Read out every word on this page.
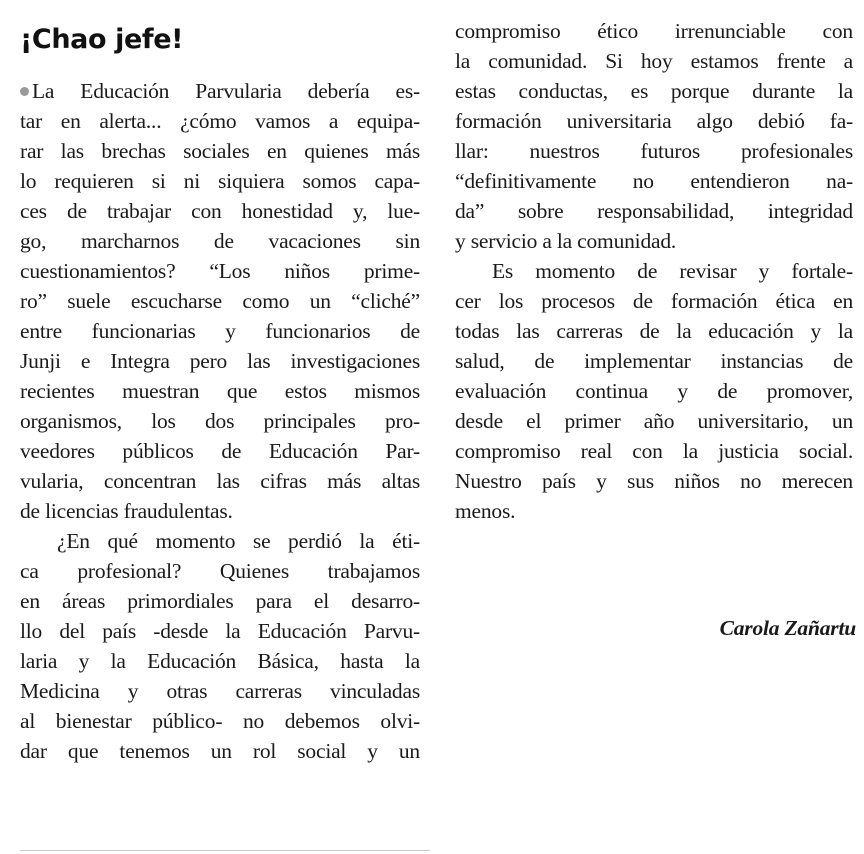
¡Chao jefe!
La Educación Parvularia debería es-
tar en alerta... ¿cómo vamos a equipa-
rar las brechas sociales en quienes más
lo requieren si ni siquiera somos capa-
ces de trabajar con honestidad y, lue-
go, marcharnos de vacaciones sin
cuestionamientos? “Los niños prime-
ro” suele escucharse como un “cliché”
entre funcionarias y funcionarios de
Junji e Integra pero las investigaciones
recientes muestran que estos mismos
organismos, los dos principales pro-
veedores públicos de Educación Par-
vularia, concentran las cifras más altas
de licencias fraudulentas.
¿En qué momento se perdió la éti-
ca profesional? Quienes trabajamos
en áreas primordiales para el desarro-
llo del país -desde la Educación Parvu-
laria y la Educación Básica, hasta la
Medicina y otras carreras vinculadas
al bienestar público- no debemos olvi-
dar que tenemos un rol social y un
compromiso ético irrenunciable con
la comunidad. Si hoy estamos frente a
estas conductas, es porque durante la
formación universitaria algo debió fa-
llar: nuestros futuros profesionales
“definitivamente no entendieron na-
da” sobre responsabilidad, integridad
y servicio a la comunidad.
Es momento de revisar y fortale-
cer los procesos de formación ética en
todas las carreras de la educación y la
salud, de implementar instancias de
evaluación continua y de promover,
desde el primer año universitario, un
compromiso real con la justicia social.
Nuestro país y sus niños no merecen
menos.
Carola Zañartu
